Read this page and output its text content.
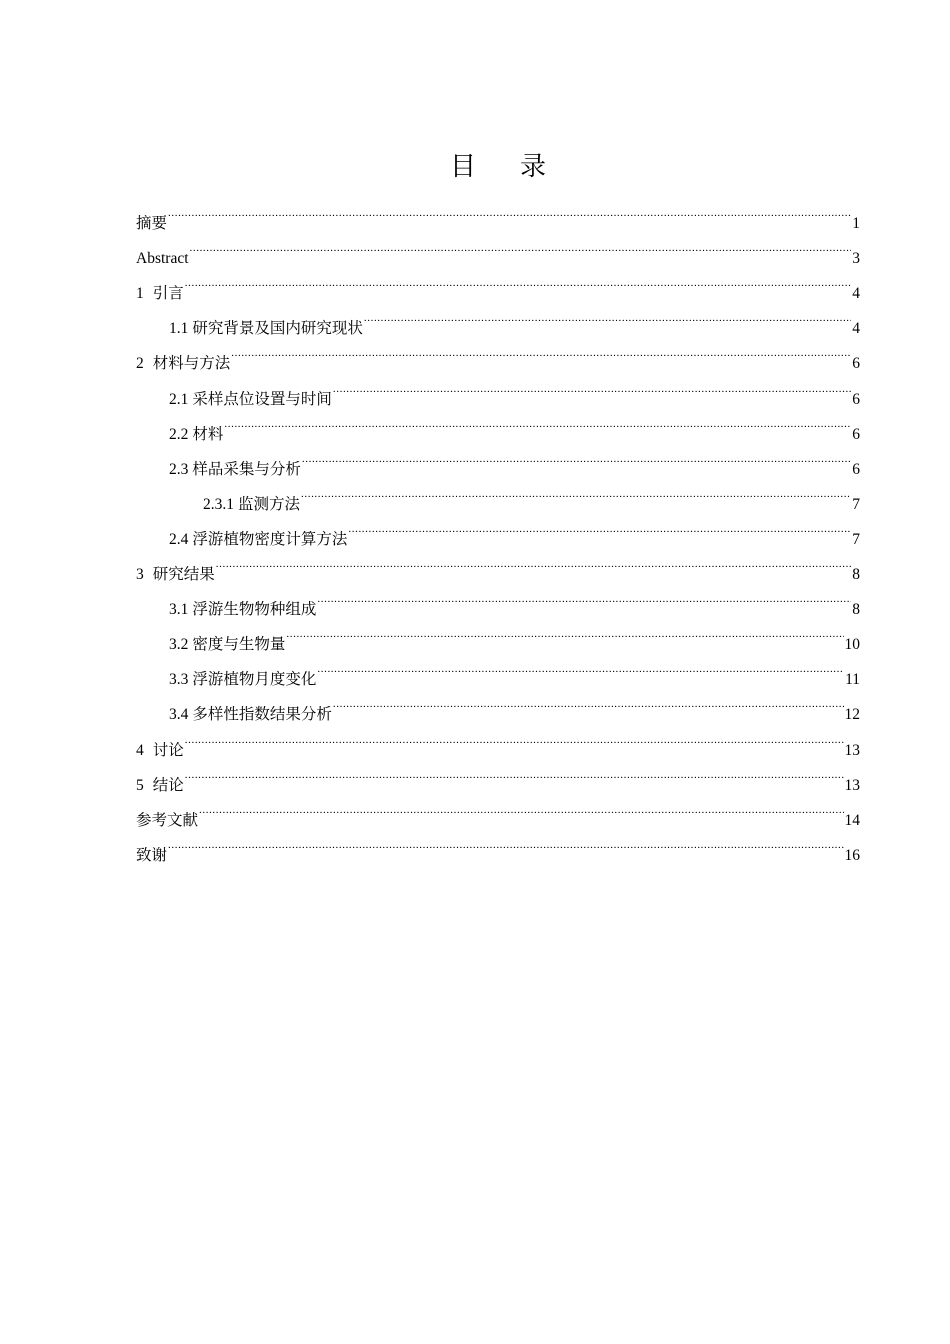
目 录
摘要 .....	1
Abstract .....	3
1 引言 .....	4
1.1 研究背景及国内研究现状 .....	4
2 材料与方法 .....	6
2.1 采样点位设置与时间 .....	6
2.2 材料 .....	6
2.3 样品采集与分析 .....	6
2.3.1 监测方法 .....	7
2.4 浮游植物密度计算方法 .....	7
3 研究结果 .....	8
3.1 浮游生物物种组成 .....	8
3.2 密度与生物量 .....	10
3.3 浮游植物月度变化 .....	11
3.4 多样性指数结果分析 .....	12
4 讨论 .....	13
5 结论 .....	13
参考文献 .....	14
致谢 .....	16
